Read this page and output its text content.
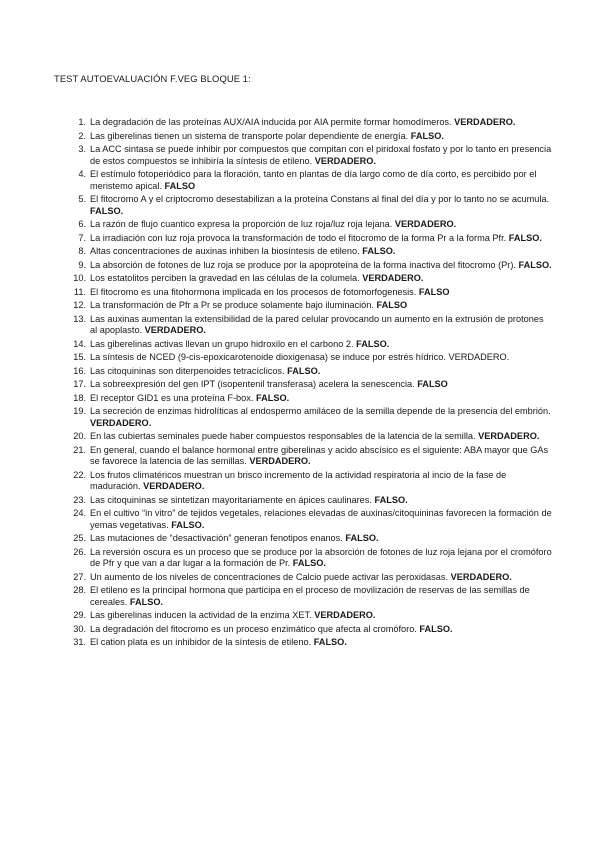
TEST AUTOEVALUACIÓN F.VEG BLOQUE 1:
1. La degradación de las proteínas AUX/AIA inducida por AIA permite formar homodímeros. VERDADERO.
2. Las giberelinas tienen un sistema de transporte polar dependiente de energía. FALSO.
3. La ACC sintasa se puede inhibir por compuestos que compitan con el piridoxal fosfato y por lo tanto en presencia de estos compuestos se inhibiría la síntesis de etileno. VERDADERO.
4. El estímulo fotoperiódico para la floración, tanto en plantas de día largo como de día corto, es percibido por el meristemo apical. FALSO
5. El fitocromo A y el criptocromo desestabilizan a la proteína Constans al final del día y por lo tanto no se acumula. FALSO.
6. La razón de flujo cuantico expresa la proporción de luz roja/luz roja lejana. VERDADERO.
7. La irradiación con luz roja provoca la transformación de todo el fitocromo de la forma Pr a la forma Pfr. FALSO.
8. Altas concentraciones de auxinas inhiben la biosíntesis de etileno. FALSO.
9. La absorción de fotones de luz roja se produce por la apoproteína de la forma inactiva del fitocromo (Pr). FALSO.
10. Los estatolitos perciben la gravedad en las células de la columela. VERDADERO.
11. El fitocromo es una fitohormona implicada en los procesos de fotomorfogenesis. FALSO
12. La transformación de Pfr a Pr se produce solamente bajo iluminación. FALSO
13. Las auxinas aumentan la extensibilidad de la pared celular provocando un aumento en la extrusión de protones al apoplasto. VERDADERO.
14. Las giberelinas activas llevan un grupo hidroxilo en el carbono 2. FALSO.
15. La síntesis de NCED (9-cis-epoxicarotenoide dioxigenasa) se induce por estrés hídrico. VERDADERO.
16. Las citoquininas son diterpenoides tetracíclicos. FALSO.
17. La sobreexpresión del gen IPT (isopentenil transferasa) acelera la senescencia. FALSO
18. El receptor GID1 es una proteína F-box. FALSO.
19. La secreción de enzimas hidrolíticas al endospermo amiláceo de la semilla depende de la presencia del embrión. VERDADERO.
20. En las cubiertas seminales puede haber compuestos responsables de la latencia de la semilla. VERDADERO.
21. En general, cuando el balance hormonal entre giberelinas y acido abscísico es el siguiente: ABA mayor que GAs se favorece la latencia de las semillas. VERDADERO.
22. Los frutos climatéricos muestran un brisco incremento de la actividad respiratoria al incio de la fase de maduración. VERDADERO.
23. Las citoquininas se sintetizan mayoritariamente en ápices caulinares. FALSO.
24. En el cultivo “in vitro” de tejidos vegetales, relaciones elevadas de auxinas/citoquininas favorecen la formación de yemas vegetativas. FALSO.
25. Las mutaciones de “desactivación” generan fenotipos enanos. FALSO.
26. La reversión oscura es un proceso que se produce por la absorción de fotones de luz roja lejana por el cromóforo de Pfr y que van a dar lugar a la formación de Pr. FALSO.
27. Un aumento de los niveles de concentraciones de Calcio puede activar las peroxidasas. VERDADERO.
28. El etileno es la principal hormona que participa en el proceso de movilización de reservas de las semillas de cereales. FALSO.
29. Las giberelinas inducen la actividad de la enzima XET. VERDADERO.
30. La degradación del fitocromo es un proceso enzimático que afecta al cromóforo. FALSO.
31. El cation plata es un inhibidor de la síntesis de etileno. FALSO.
